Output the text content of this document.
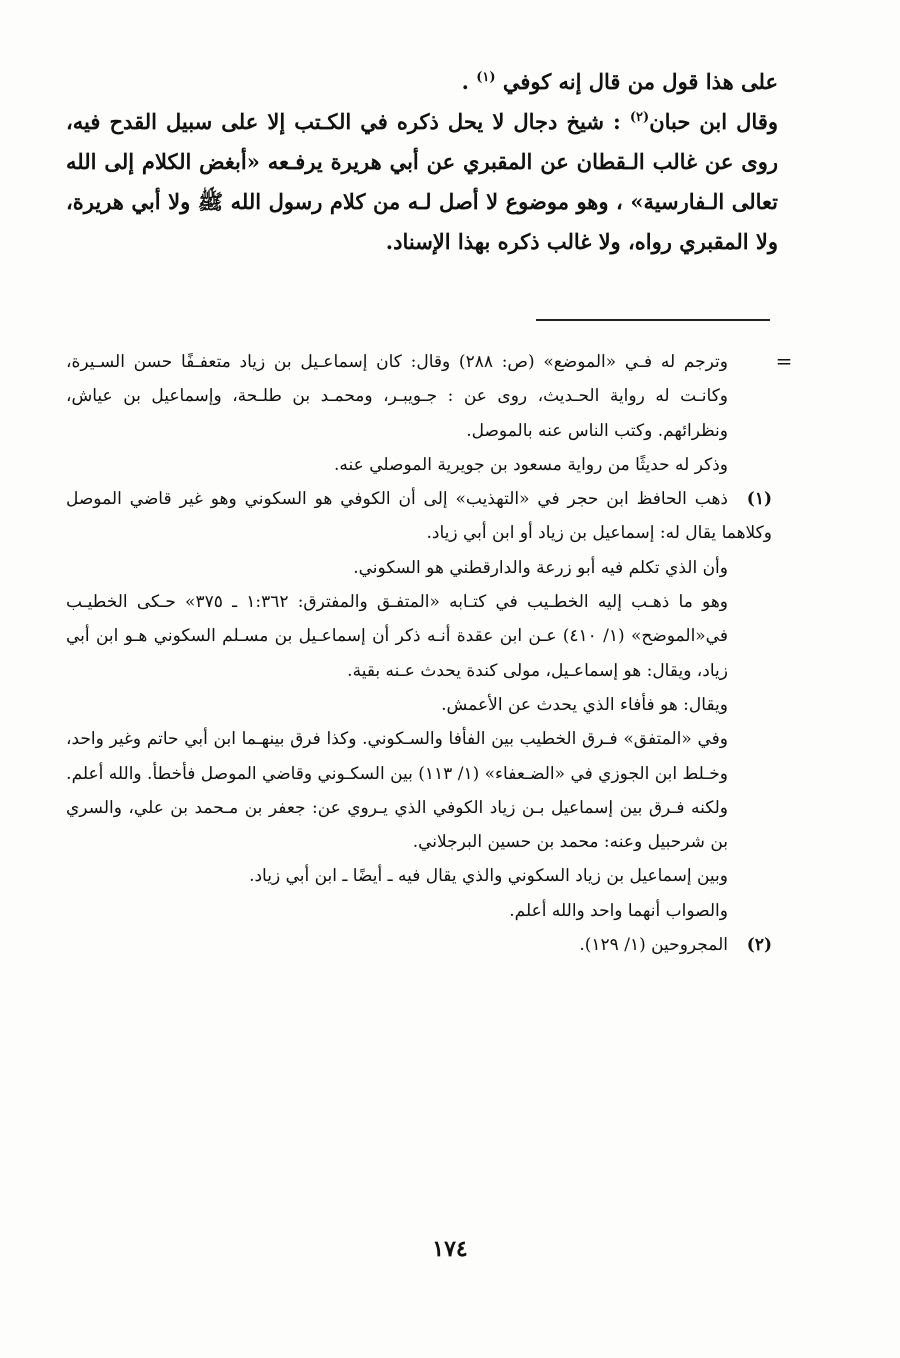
على هذا قول من قال إنه كوفي $^{(١)}$ .

وقال ابن حبان$^{(٢)}$ : شيخ دجال لا يحل ذكره في الكـتب إلا على سبيل القدح فيه، روى عن غالب الـقطان عن المقبري عن أبي هريرة يرفـعه «أبغض الكلام إلى الله تعالى الـفارسية» ، وهو موضوع لا أصل لـه من كلام رسول الله ﷺ ولا أبي هريرة، ولا المقبري رواه، ولا غالب ذكره بهذا الإسناد.

=

وترجم له فـي «الموضع» (ص: ٢٨٨) وقال: كان إسماعـيل بن زياد متعفـفًا حسن السـيرة، وكانـت له رواية الحـديث، روى عن : جـويبـر، ومحمـد بن طلـحة، وإسماعيل بن عياش، ونظرائهم. وكتب الناس عنه بالموصل.

وذكر له حديثًا من رواية مسعود بن جويرية الموصلي عنه.

(١)ذهب الحافظ ابن حجر في «التهذيب» إلى أن الكوفي هو السكوني وهو غير قاضي الموصل وكلاهما يقال له: إسماعيل بن زياد أو ابن أبي زياد.

وأن الذي تكلم فيه أبو زرعة والدارقطني هو السكوني.

وهو ما ذهـب إليه الخطـيب في كتـابه «المتفـق والمفترق: ١:٣٦٢ ـ ٣٧٥» حـكى الخطيـب في«الموضح» (١/ ٤١٠) عـن ابن عقدة أنـه ذكر أن إسماعـيل بن مسـلم السكوني هـو ابن أبي زياد، ويقال: هو إسماعـيل، مولى كندة يحدث عـنه بقية.

ويقال: هو فأفاء الذي يحدث عن الأعمش.

وفي «المتفق» فـرق الخطيب بين الفأفا والسـكوني. وكذا فرق بينهـما ابن أبي حاتم وغير واحد، وخـلط ابن الجوزي في «الضـعفاء» (١/ ١١٣) بين السكـوني وقاضي الموصل فأخطأ. والله أعلم.

ولكنه فـرق بين إسماعيل بـن زياد الكوفي الذي يـروي عن: جعفر بن مـحمد بن علي، والسري بن شرحبيل وعنه: محمد بن حسين البرجلاني.

وبين إسماعيل بن زياد السكوني والذي يقال فيه ـ أيضًا ـ ابن أبي زياد.

والصواب أنهما واحد والله أعلم.

(٢)المجروحين (١/ ١٢٩).

١٧٤
